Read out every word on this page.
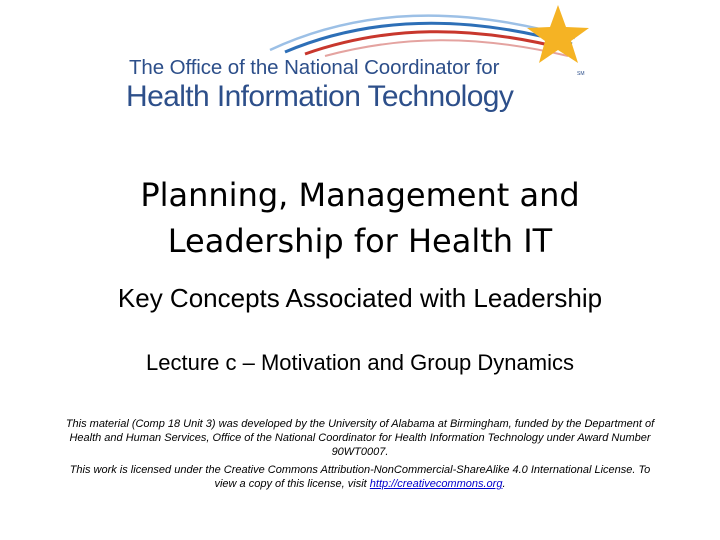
The Office of the National Coordinator for
Health Information Technology
SM
Planning, Management and
Leadership for Health IT
Key Concepts Associated with Leadership
Lecture c – Motivation and Group Dynamics

This material (Comp 18 Unit 3) was developed by the University of Alabama at Birmingham, funded by the Department of Health and Human Services, Office of the National Coordinator for Health Information Technology under Award Number 90WT0007.

This work is licensed under the Creative Commons Attribution-NonCommercial-ShareAlike 4.0 International License. To view a copy of this license, visit http://creativecommons.org.
